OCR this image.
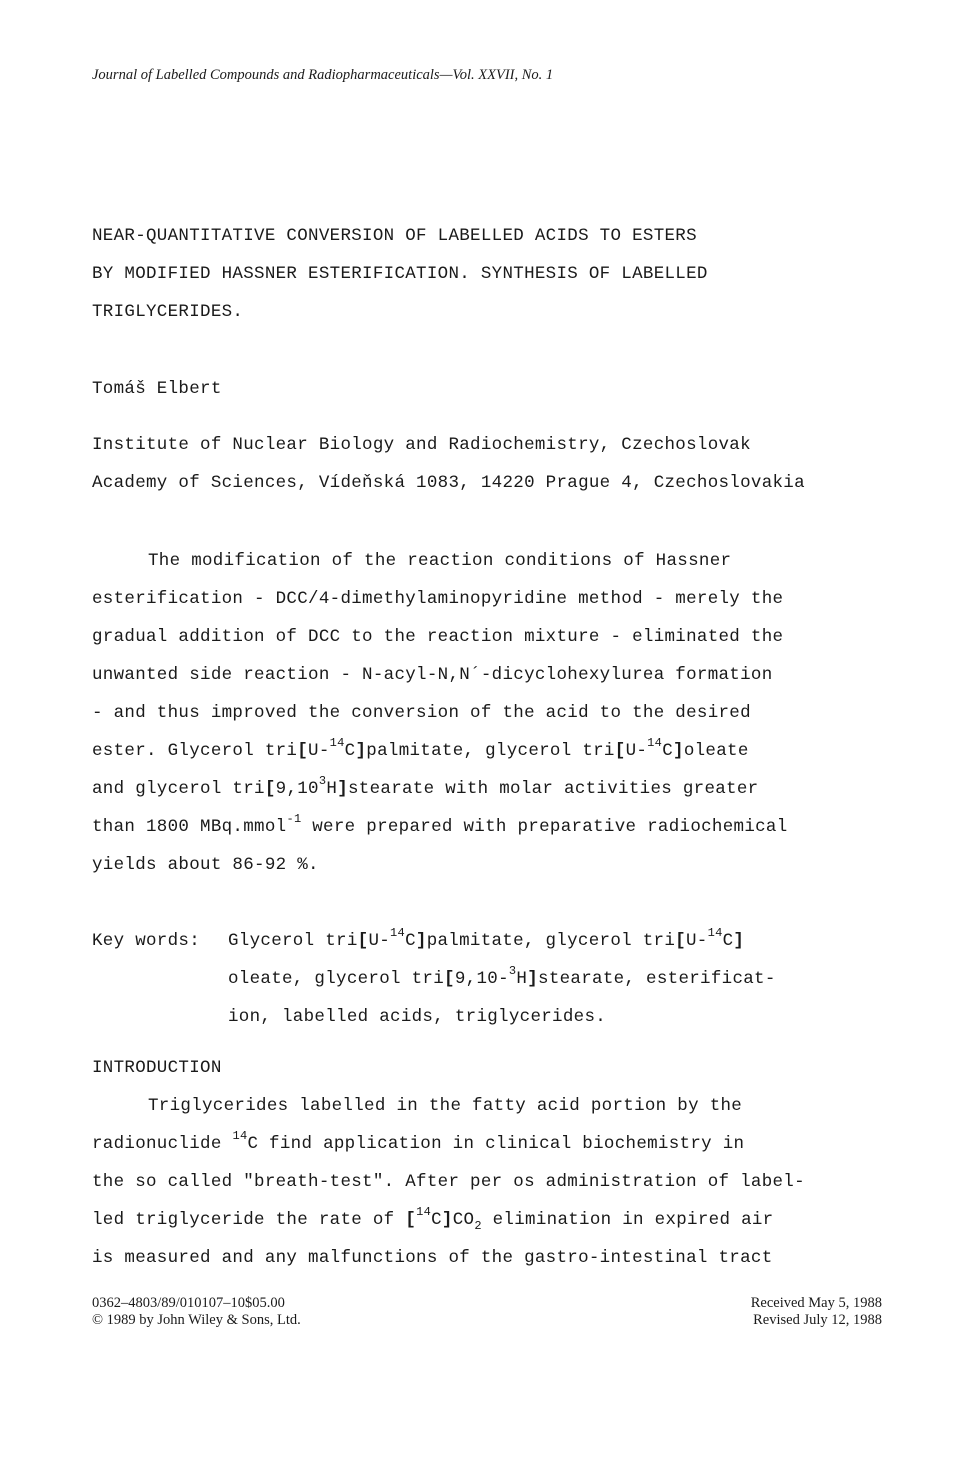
Journal of Labelled Compounds and Radiopharmaceuticals—Vol. XXVII, No. 1
NEAR-QUANTITATIVE CONVERSION OF LABELLED ACIDS TO ESTERS
BY MODIFIED HASSNER ESTERIFICATION. SYNTHESIS OF LABELLED
TRIGLYCERIDES.
Tomáš Elbert
Institute of Nuclear Biology and Radiochemistry, Czechoslovak
Academy of Sciences, Vídeňská 1083, 14220 Prague 4, Czechoslovakia
The modification of the reaction conditions of Hassner
esterification - DCC/4-dimethylaminopyridine method - merely the
gradual addition of DCC to the reaction mixture - eliminated the
unwanted side reaction - N-acyl-N,N´-dicyclohexylurea formation
- and thus improved the conversion of the acid to the desired
ester. Glycerol tri[U-$^{14}$C]palmitate, glycerol tri[U-$^{14}$C]oleate
and glycerol tri[9,10$^3$H]stearate with molar activities greater
than 1800 MBq.mmol$^{-1}$ were prepared with preparative radiochemical
yields about 86-92 %.
Key words: Glycerol tri[U-$^{14}$C]palmitate, glycerol tri[U-$^{14}$C]
oleate, glycerol tri[9,10-$^3$H]stearate, esterificat-
ion, labelled acids, triglycerides.
INTRODUCTION
Triglycerides labelled in the fatty acid portion by the
radionuclide $^{14}$C find application in clinical biochemistry in
the so called "breath-test". After per os administration of label-
led triglyceride the rate of $[^{14}C]CO_2$ elimination in expired air
is measured and any malfunctions of the gastro-intestinal tract
0362–4803/89/010107–10$05.00
© 1989 by John Wiley & Sons, Ltd.
Received May 5, 1988
Revised July 12, 1988
